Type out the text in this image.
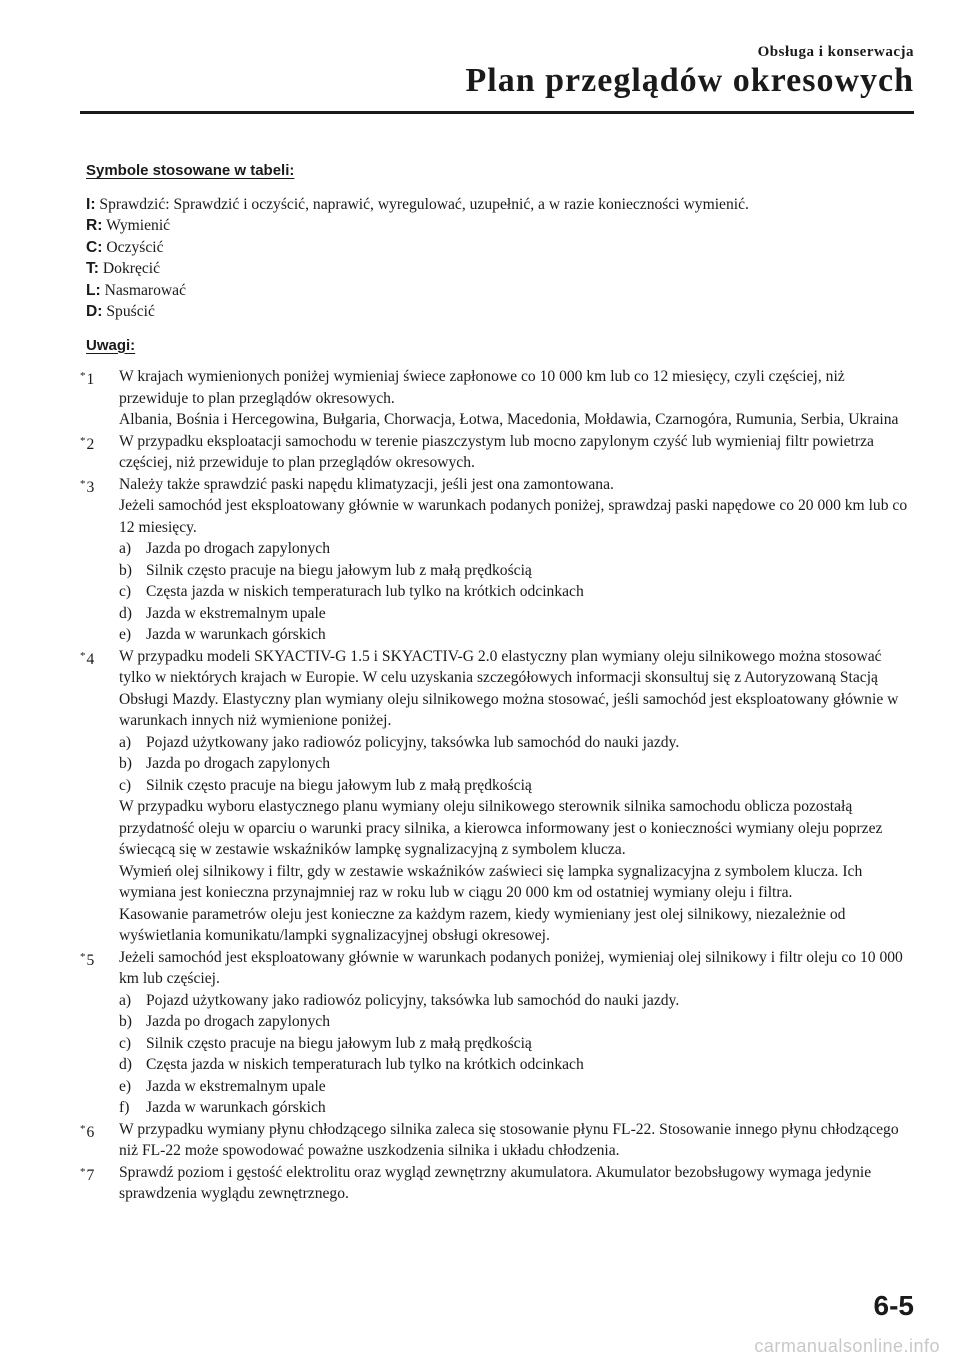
Obsługa i konserwacja
Plan przeglądów okresowych
Symbole stosowane w tabeli:
I: Sprawdzić: Sprawdzić i oczyścić, naprawić, wyregulować, uzupełnić, a w razie konieczności wymienić.
R: Wymienić
C: Oczyścić
T: Dokręcić
L: Nasmarować
D: Spuścić
Uwagi:
*1 W krajach wymienionych poniżej wymieniaj świece zapłonowe co 10 000 km lub co 12 miesięcy, czyli częściej, niż przewiduje to plan przeglądów okresowych.
Albania, Bośnia i Hercegowina, Bułgaria, Chorwacja, Łotwa, Macedonia, Mołdawia, Czarnogóra, Rumunia, Serbia, Ukraina
*2 W przypadku eksploatacji samochodu w terenie piaszczystym lub mocno zapylonym czyść lub wymieniaj filtr powietrza częściej, niż przewiduje to plan przeglądów okresowych.
*3 Należy także sprawdzić paski napędu klimatyzacji, jeśli jest ona zamontowana.
Jeżeli samochód jest eksploatowany głównie w warunkach podanych poniżej, sprawdzaj paski napędowe co 20 000 km lub co 12 miesięcy.
a) Jazda po drogach zapylonych
b) Silnik często pracuje na biegu jałowym lub z małą prędkością
c) Częsta jazda w niskich temperaturach lub tylko na krótkich odcinkach
d) Jazda w ekstremalnym upale
e) Jazda w warunkach górskich
*4 W przypadku modeli SKYACTIV-G 1.5 i SKYACTIV-G 2.0 elastyczny plan wymiany oleju silnikowego można stosować tylko w niektórych krajach w Europie. W celu uzyskania szczegółowych informacji skonsultuj się z Autoryzowaną Stacją Obsługi Mazdy. Elastyczny plan wymiany oleju silnikowego można stosować, jeśli samochód jest eksploatowany głównie w warunkach innych niż wymienione poniżej.
a) Pojazd użytkowany jako radiowóz policyjny, taksówka lub samochód do nauki jazdy.
b) Jazda po drogach zapylonych
c) Silnik często pracuje na biegu jałowym lub z małą prędkością
W przypadku wyboru elastycznego planu wymiany oleju silnikowego sterownik silnika samochodu oblicza pozostałą przydatność oleju w oparciu o warunki pracy silnika, a kierowca informowany jest o konieczności wymiany oleju poprzez świecącą się w zestawie wskaźników lampkę sygnalizacyjną z symbolem klucza.
Wymień olej silnikowy i filtr, gdy w zestawie wskaźników zaświeci się lampka sygnalizacyjna z symbolem klucza. Ich wymiana jest konieczna przynajmniej raz w roku lub w ciągu 20 000 km od ostatniej wymiany oleju i filtra.
Kasowanie parametrów oleju jest konieczne za każdym razem, kiedy wymieniany jest olej silnikowy, niezależnie od wyświetlania komunikatu/lampki sygnalizacyjnej obsługi okresowej.
*5 Jeżeli samochód jest eksploatowany głównie w warunkach podanych poniżej, wymieniaj olej silnikowy i filtr oleju co 10 000 km lub częściej.
a) Pojazd użytkowany jako radiowóz policyjny, taksówka lub samochód do nauki jazdy.
b) Jazda po drogach zapylonych
c) Silnik często pracuje na biegu jałowym lub z małą prędkością
d) Częsta jazda w niskich temperaturach lub tylko na krótkich odcinkach
e) Jazda w ekstremalnym upale
f) Jazda w warunkach górskich
*6 W przypadku wymiany płynu chłodzącego silnika zaleca się stosowanie płynu FL-22. Stosowanie innego płynu chłodzącego niż FL-22 może spowodować poważne uszkodzenia silnika i układu chłodzenia.
*7 Sprawdź poziom i gęstość elektrolitu oraz wygląd zewnętrzny akumulatora. Akumulator bezobsługowy wymaga jedynie sprawdzenia wyglądu zewnętrznego.
6-5
carmanualsonline.info
